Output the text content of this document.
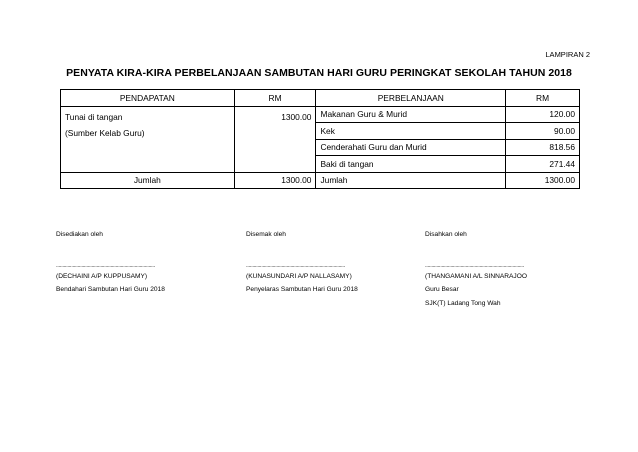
LAMPIRAN 2
PENYATA KIRA-KIRA PERBELANJAAN SAMBUTAN HARI GURU PERINGKAT SEKOLAH TAHUN 2018
PENDAPATAN	RM	PERBELANJAAN	RM

Tunai di tangan
(Sumber Kelab Guru)	1300.00	Makanan Guru & Murid	120.00
		Kek	90.00
		Cenderahati Guru dan Murid	818.56
		Baki di tangan	271.44
Jumlah	1300.00	Jumlah	1300.00
Disediakan oleh
..............................................................................
(DECHAINI A/P KUPPUSAMY)
Bendahari Sambutan Hari Guru 2018
Disemak oleh
..............................................................................
(KUNASUNDARI A/P NALLASAMY)
Penyelaras Sambutan Hari Guru 2018
Disahkan oleh
..............................................................................
(THANGAMANI A/L SINNARAJOO
Guru Besar
SJK(T) Ladang Tong Wah
